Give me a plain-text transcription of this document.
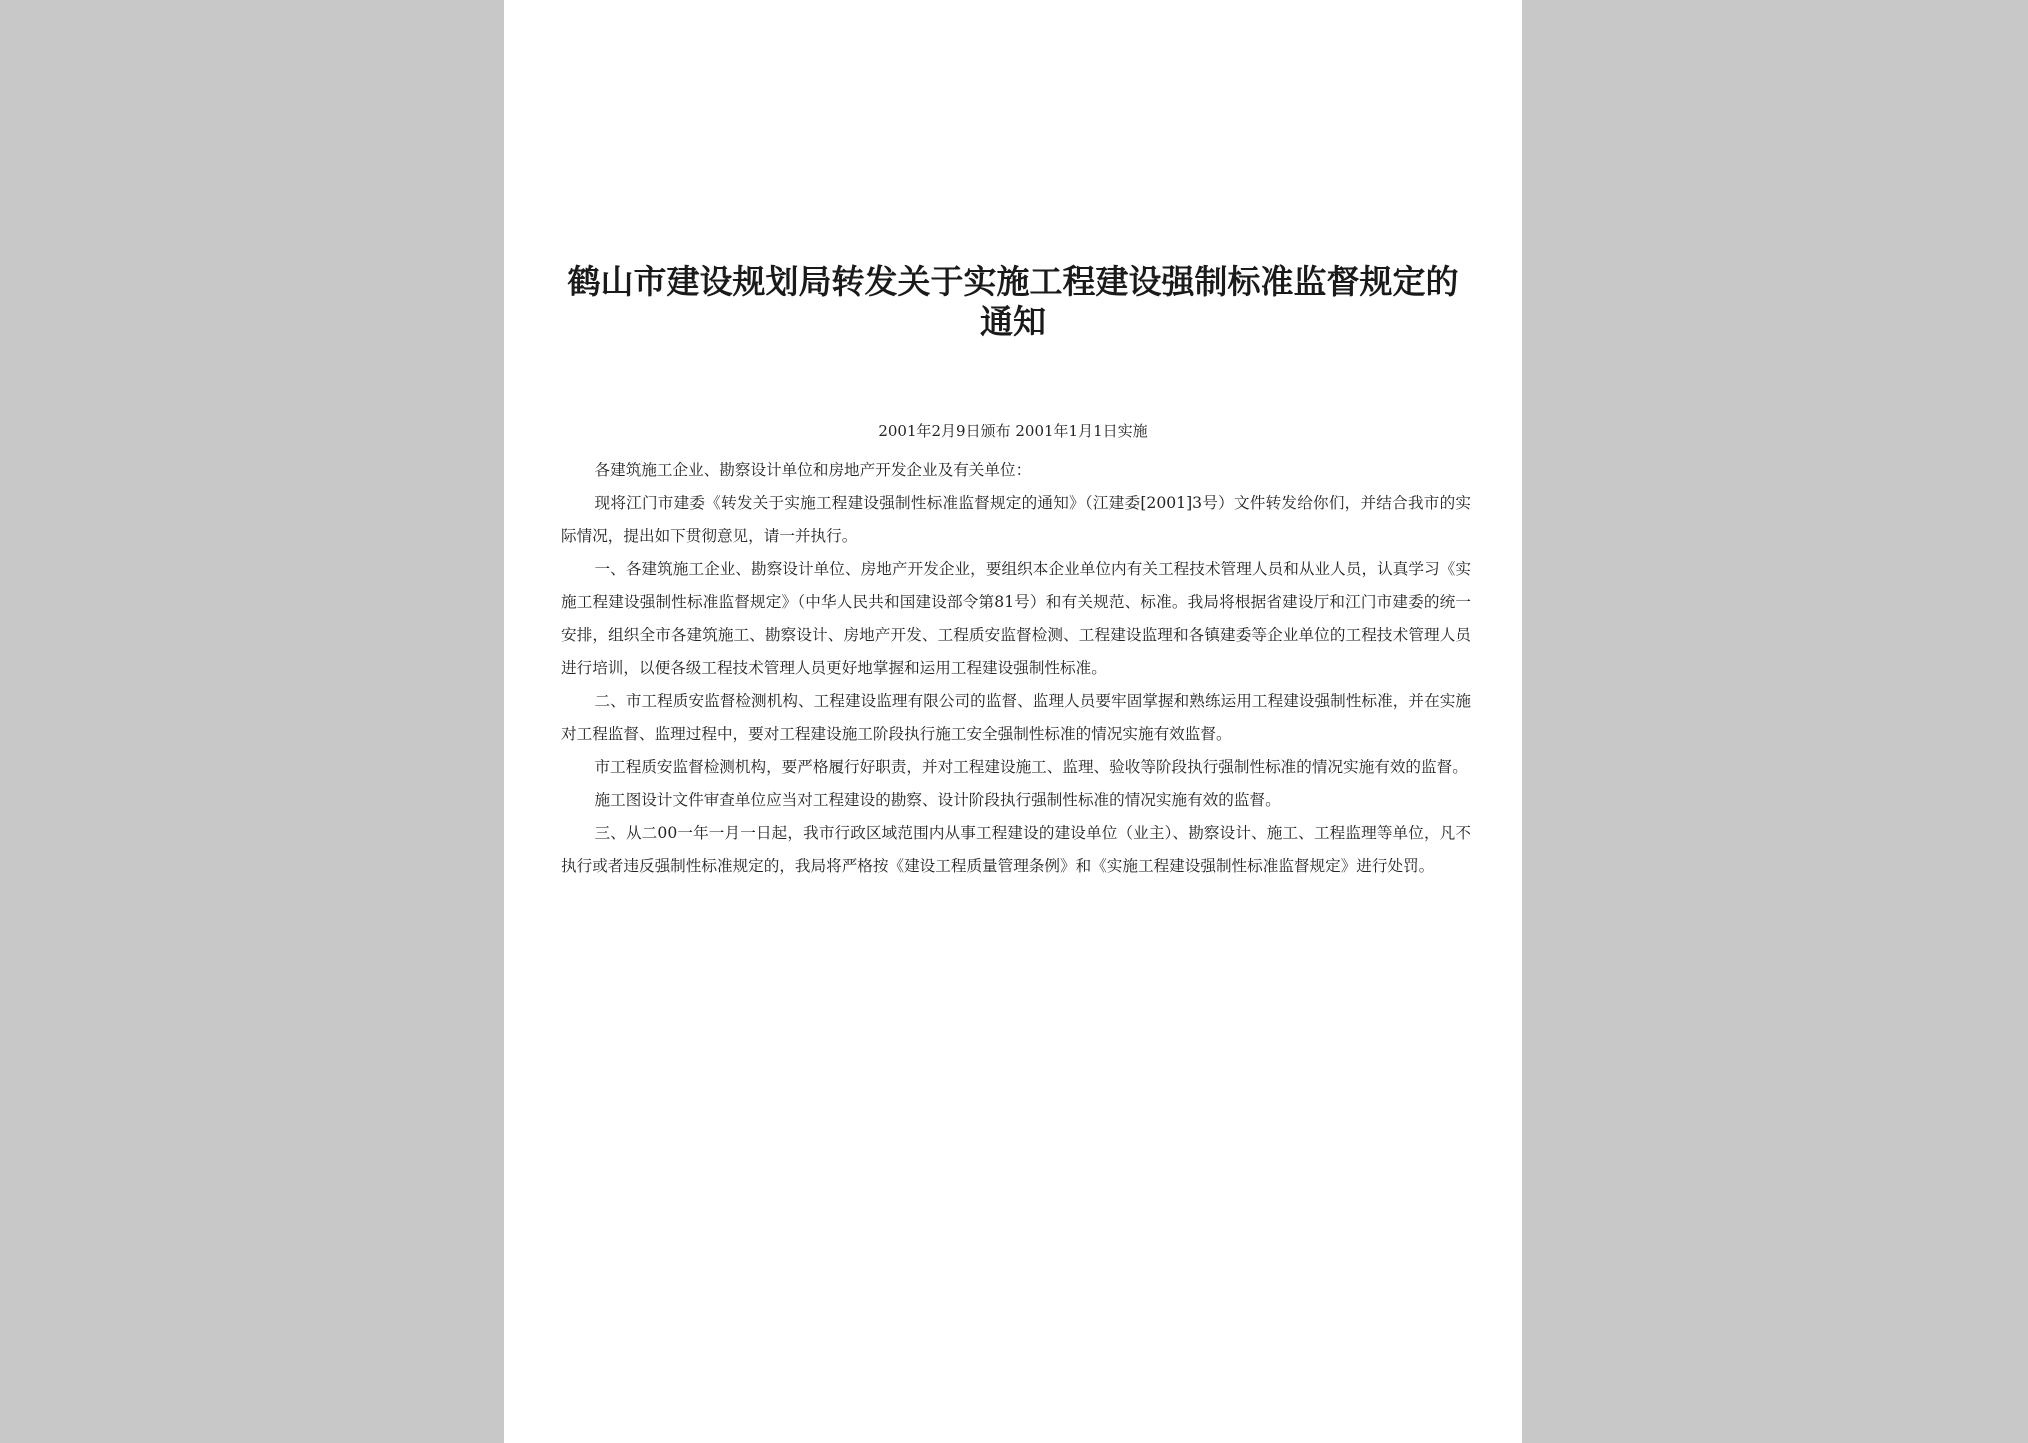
鹤山市建设规划局转发关于实施工程建设强制标准监督规定的通知
2001年2月9日颁布 2001年1月1日实施

各建筑施工企业、勘察设计单位和房地产开发企业及有关单位：

现将江门市建委《转发关于实施工程建设强制性标准监督规定的通知》（江建委[2001]3号）文件转发给你们，并结合我市的实际情况，提出如下贯彻意见，请一并执行。

一、各建筑施工企业、勘察设计单位、房地产开发企业，要组织本企业单位内有关工程技术管理人员和从业人员，认真学习《实施工程建设强制性标准监督规定》（中华人民共和国建设部令第81号）和有关规范、标准。我局将根据省建设厅和江门市建委的统一安排，组织全市各建筑施工、勘察设计、房地产开发、工程质安监督检测、工程建设监理和各镇建委等企业单位的工程技术管理人员进行培训，以便各级工程技术管理人员更好地掌握和运用工程建设强制性标准。

二、市工程质安监督检测机构、工程建设监理有限公司的监督、监理人员要牢固掌握和熟练运用工程建设强制性标准，并在实施对工程监督、监理过程中，要对工程建设施工阶段执行施工安全强制性标准的情况实施有效监督。

市工程质安监督检测机构，要严格履行好职责，并对工程建设施工、监理、验收等阶段执行强制性标准的情况实施有效的监督。

施工图设计文件审查单位应当对工程建设的勘察、设计阶段执行强制性标准的情况实施有效的监督。

三、从二00一年一月一日起，我市行政区域范围内从事工程建设的建设单位（业主）、勘察设计、施工、工程监理等单位，凡不执行或者违反强制性标准规定的，我局将严格按《建设工程质量管理条例》和《实施工程建设强制性标准监督规定》进行处罚。
